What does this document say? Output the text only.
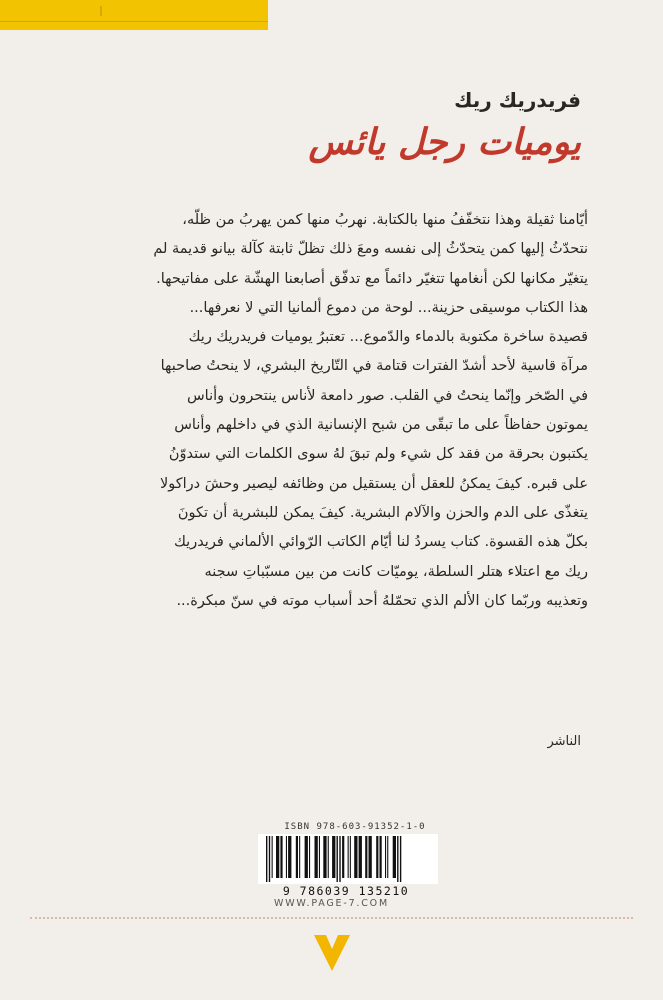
فريدريك ريك
يوميات رجل يائس

أيّامنا ثقيلة وهذا نتخفّفُ منها بالكتابة. نهربُ منها كمن يهربُ من ظلّه،

نتحدّثُ إليها كمن يتحدّثُ إلى نفسه ومعَ ذلك تظلّ ثابتة كآلة بيانو قديمة لم

يتغيّر مكانها لكن أنغامها تتغيّر دائماً مع تدفّق أصابعنا الهشّة على مفاتيحها.

هذا الكتاب موسيقى حزينة... لوحة من دموع ألمانيا التي لا نعرفها...

قصيدة ساخرة مكتوبة بالدماء والدّموع... تعتبرُ يوميات فريدريك ريك

مرآة قاسية لأحد أشدّ الفترات قتامة في التّاريخ البشري، لا ينحتُ صاحبها

في الصّخر وإنّما ينحتُ في القلب. صور دامعة لأناس ينتحرون وأناس

يموتون حفاظاً على ما تبقّى من شبح الإنسانية الذي في داخلهم وأناس

يكتبون بحرقة من فقد كل شيء ولم تبقَ لهُ سوى الكلمات التي ستدوّنُ

على قبره. كيفَ يمكنُ للعقل أن يستقيل من وظائفه ليصير وحشَ دراكولا

يتغذّى على الدم والحزن والآلام البشرية. كيفَ يمكن للبشرية أن تكونَ

بكلّ هذه القسوة. كتاب يسردُ لنا أيّام الكاتب الرّوائي الألماني فريدريك

ريك مع اعتلاء هتلر السلطة، يوميّات كانت من بين مسبّباتِ سجنه

وتعذيبه وربّما كان الألم الذي تحمّلهُ أحد أسباب موته في سنّ مبكرة...

الناشر
ISBN 978-603-91352-1-0
9 786039 135210
WWW.PAGE-7.COM
